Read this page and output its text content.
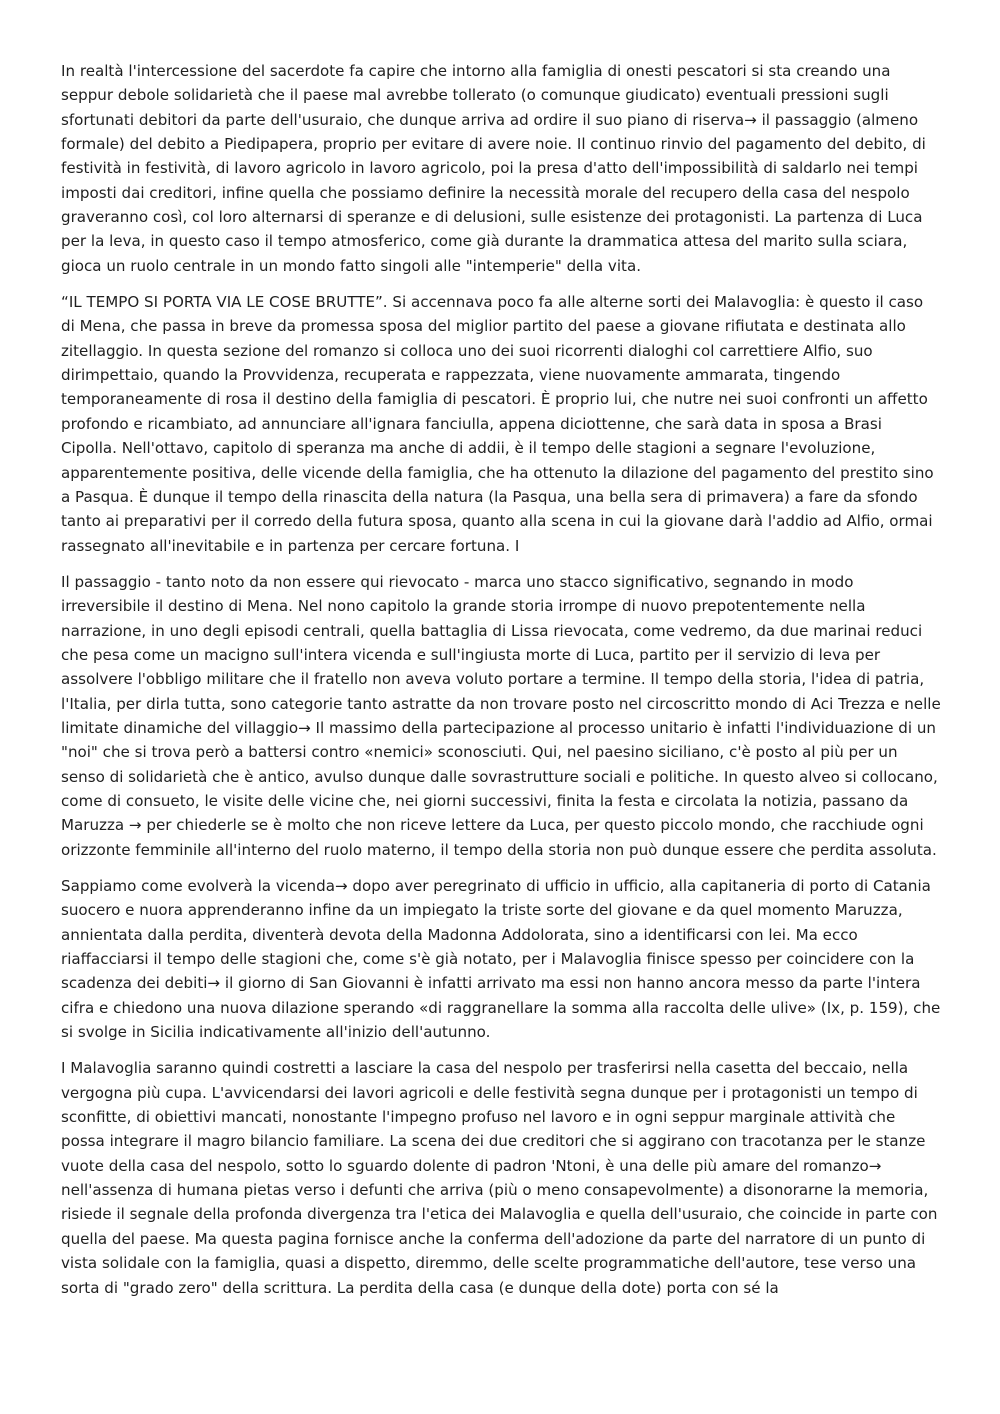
In realtà l'intercessione del sacerdote fa capire che intorno alla famiglia di onesti pescatori si sta creando una seppur debole solidarietà che il paese mal avrebbe tollerato (o comunque giudicato) eventuali pressioni sugli sfortunati debitori da parte dell'usuraio, che dunque arriva ad ordire il suo piano di riserva→ il passaggio (almeno formale) del debito a Piedipapera, proprio per evitare di avere noie. Il continuo rinvio del pagamento del debito, di festività in festività, di lavoro agricolo in lavoro agricolo, poi la presa d'atto dell'impossibilità di saldarlo nei tempi imposti dai creditori, infine quella che possiamo definire la necessità morale del recupero della casa del nespolo graveranno così, col loro alternarsi di speranze e di delusioni, sulle esistenze dei protagonisti. La partenza di Luca per la leva, in questo caso il tempo atmosferico, come già durante la drammatica attesa del marito sulla sciara, gioca un ruolo centrale in un mondo fatto singoli alle "intemperie" della vita.

“IL TEMPO SI PORTA VIA LE COSE BRUTTE”. Si accennava poco fa alle alterne sorti dei Malavoglia: è questo il caso di Mena, che passa in breve da promessa sposa del miglior partito del paese a giovane rifiutata e destinata allo zitellaggio. In questa sezione del romanzo si colloca uno dei suoi ricorrenti dialoghi col carrettiere Alfio, suo dirimpettaio, quando la Provvidenza, recuperata e rappezzata, viene nuovamente ammarata, tingendo temporaneamente di rosa il destino della famiglia di pescatori. È proprio lui, che nutre nei suoi confronti un affetto profondo e ricambiato, ad annunciare all'ignara fanciulla, appena diciottenne, che sarà data in sposa a Brasi Cipolla. Nell'ottavo, capitolo di speranza ma anche di addii, è il tempo delle stagioni a segnare l'evoluzione, apparentemente positiva, delle vicende della famiglia, che ha ottenuto la dilazione del pagamento del prestito sino a Pasqua. È dunque il tempo della rinascita della natura (la Pasqua, una bella sera di primavera) a fare da sfondo tanto ai preparativi per il corredo della futura sposa, quanto alla scena in cui la giovane darà l'addio ad Alfio, ormai rassegnato all'inevitabile e in partenza per cercare fortuna. I

Il passaggio - tanto noto da non essere qui rievocato - marca uno stacco significativo, segnando in modo irreversibile il destino di Mena. Nel nono capitolo la grande storia irrompe di nuovo prepotentemente nella narrazione, in uno degli episodi centrali, quella battaglia di Lissa rievocata, come vedremo, da due marinai reduci che pesa come un macigno sull'intera vicenda e sull'ingiusta morte di Luca, partito per il servizio di leva per assolvere l'obbligo militare che il fratello non aveva voluto portare a termine. Il tempo della storia, l'idea di patria, l'Italia, per dirla tutta, sono categorie tanto astratte da non trovare posto nel circoscritto mondo di Aci Trezza e nelle limitate dinamiche del villaggio→ Il massimo della partecipazione al processo unitario è infatti l'individuazione di un "noi" che si trova però a battersi contro «nemici» sconosciuti. Qui, nel paesino siciliano, c'è posto al più per un senso di solidarietà che è antico, avulso dunque dalle sovrastrutture sociali e politiche. In questo alveo si collocano, come di consueto, le visite delle vicine che, nei giorni successivi, finita la festa e circolata la notizia, passano da Maruzza → per chiederle se è molto che non riceve lettere da Luca, per questo piccolo mondo, che racchiude ogni orizzonte femminile all'interno del ruolo materno, il tempo della storia non può dunque essere che perdita assoluta.

Sappiamo come evolverà la vicenda→ dopo aver peregrinato di ufficio in ufficio, alla capitaneria di porto di Catania suocero e nuora apprenderanno infine da un impiegato la triste sorte del giovane e da quel momento Maruzza, annientata dalla perdita, diventerà devota della Madonna Addolorata, sino a identificarsi con lei. Ma ecco riaffacciarsi il tempo delle stagioni che, come s'è già notato, per i Malavoglia finisce spesso per coincidere con la scadenza dei debiti→ il giorno di San Giovanni è infatti arrivato ma essi non hanno ancora messo da parte l'intera cifra e chiedono una nuova dilazione sperando «di raggranellare la somma alla raccolta delle ulive» (Ix, p. 159), che si svolge in Sicilia indicativamente all'inizio dell'autunno.

I Malavoglia saranno quindi costretti a lasciare la casa del nespolo per trasferirsi nella casetta del beccaio, nella vergogna più cupa. L'avvicendarsi dei lavori agricoli e delle festività segna dunque per i protagonisti un tempo di sconfitte, di obiettivi mancati, nonostante l'impegno profuso nel lavoro e in ogni seppur marginale attività che possa integrare il magro bilancio familiare. La scena dei due creditori che si aggirano con tracotanza per le stanze vuote della casa del nespolo, sotto lo sguardo dolente di padron 'Ntoni, è una delle più amare del romanzo→ nell'assenza di humana pietas verso i defunti che arriva (più o meno consapevolmente) a disonorarne la memoria, risiede il segnale della profonda divergenza tra l'etica dei Malavoglia e quella dell'usuraio, che coincide in parte con quella del paese. Ma questa pagina fornisce anche la conferma dell'adozione da parte del narratore di un punto di vista solidale con la famiglia, quasi a dispetto, diremmo, delle scelte programmatiche dell'autore, tese verso una sorta di "grado zero" della scrittura. La perdita della casa (e dunque della dote) porta con sé la
